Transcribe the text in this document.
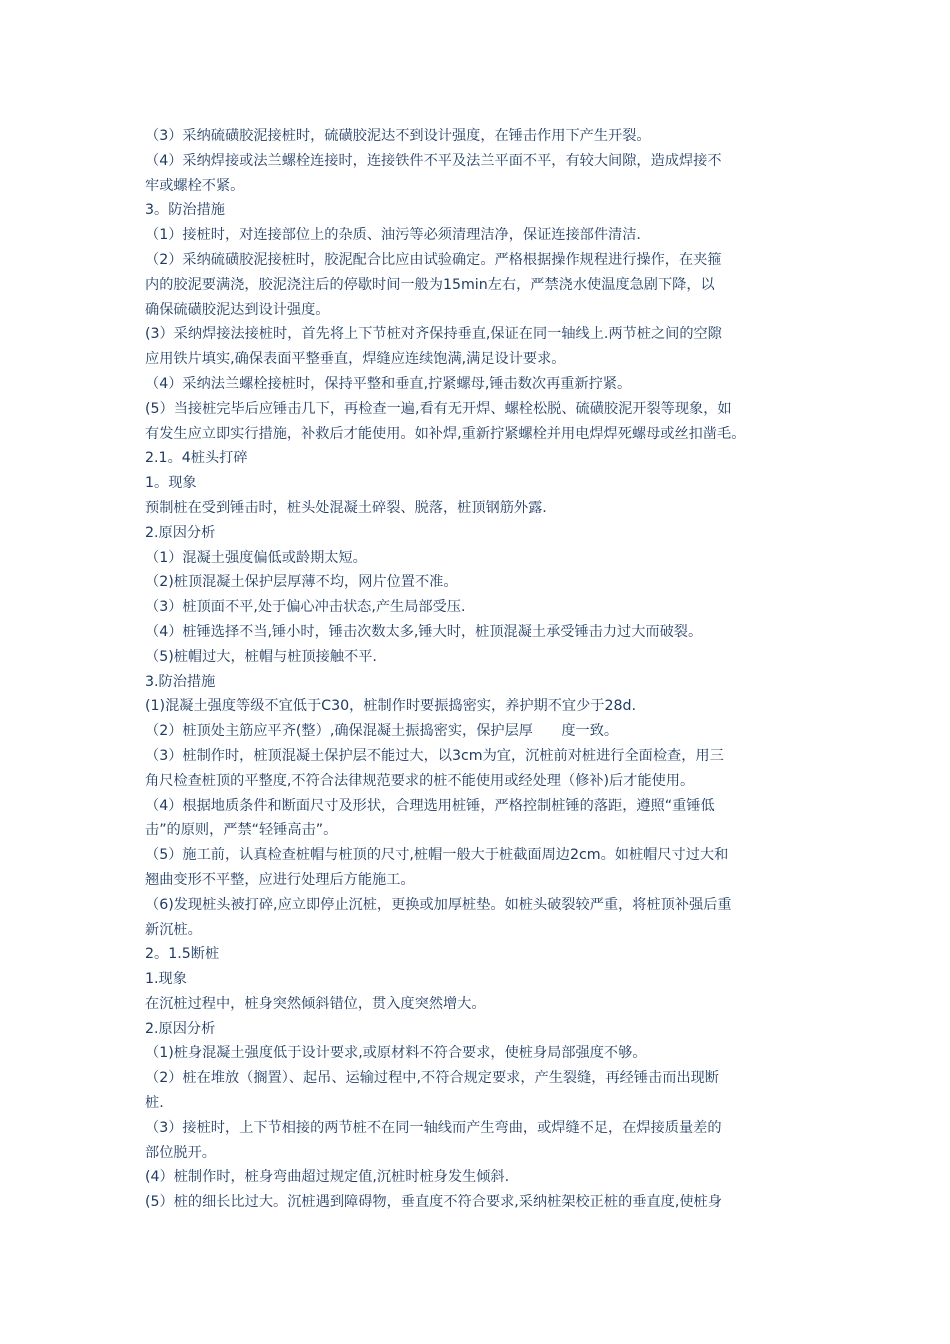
（3）采纳硫磺胶泥接桩时，硫磺胶泥达不到设计强度，在锤击作用下产生开裂。
（4）采纳焊接或法兰螺栓连接时，连接铁件不平及法兰平面不平，有较大间隙，造成焊接不
牢或螺栓不紧。
3。防治措施
（1）接桩时，对连接部位上的杂质、油污等必须清理洁净，保证连接部件清洁.
（2）采纳硫磺胶泥接桩时，胶泥配合比应由试验确定。严格根据操作规程进行操作，在夹箍
内的胶泥要满浇，胶泥浇注后的停歇时间一般为15min左右，严禁浇水使温度急剧下降，以
确保硫磺胶泥达到设计强度。
(3）采纳焊接法接桩时，首先将上下节桩对齐保持垂直,保证在同一轴线上.两节桩之间的空隙
应用铁片填实,确保表面平整垂直，焊缝应连续饱满,满足设计要求。
（4）采纳法兰螺栓接桩时，保持平整和垂直,拧紧螺母,锤击数次再重新拧紧。
(5）当接桩完毕后应锤击几下，再检查一遍,看有无开焊、螺栓松脱、硫磺胶泥开裂等现象，如
有发生应立即实行措施，补救后才能使用。如补焊,重新拧紧螺栓并用电焊焊死螺母或丝扣凿毛。
2.1。4桩头打碎
1。现象
预制桩在受到锤击时，桩头处混凝土碎裂、脱落，桩顶钢筋外露.
2.原因分析
（1）混凝土强度偏低或龄期太短。
（2)桩顶混凝土保护层厚薄不均，网片位置不准。
（3）桩顶面不平,处于偏心冲击状态,产生局部受压.
（4）桩锤选择不当,锤小时，锤击次数太多,锤大时，桩顶混凝土承受锤击力过大而破裂。
（5)桩帽过大，桩帽与桩顶接触不平.
3.防治措施
(1)混凝土强度等级不宜低于C30，桩制作时要振捣密实，养护期不宜少于28d.
（2）桩顶处主筋应平齐(整）,确保混凝土振捣密实，保护层厚　　度一致。
（3）桩制作时，桩顶混凝土保护层不能过大，以3cm为宜，沉桩前对桩进行全面检查，用三
角尺检查桩顶的平整度,不符合法律规范要求的桩不能使用或经处理（修补)后才能使用。
（4）根据地质条件和断面尺寸及形状，合理选用桩锤，严格控制桩锤的落距，遵照“重锤低
击”的原则，严禁“轻锤高击”。
（5）施工前，认真检查桩帽与桩顶的尺寸,桩帽一般大于桩截面周边2cm。如桩帽尺寸过大和
翘曲变形不平整，应进行处理后方能施工。
（6)发现桩头被打碎,应立即停止沉桩，更换或加厚桩垫。如桩头破裂较严重，将桩顶补强后重
新沉桩。
2。1.5断桩
1.现象
在沉桩过程中，桩身突然倾斜错位，贯入度突然增大。
2.原因分析
（1)桩身混凝土强度低于设计要求,或原材料不符合要求，使桩身局部强度不够。
（2）桩在堆放（搁置）、起吊、运输过程中,不符合规定要求，产生裂缝，再经锤击而出现断
桩.
（3）接桩时，上下节相接的两节桩不在同一轴线而产生弯曲，或焊缝不足，在焊接质量差的
部位脱开。
(4）桩制作时，桩身弯曲超过规定值,沉桩时桩身发生倾斜.
(5）桩的细长比过大。沉桩遇到障碍物，垂直度不符合要求,采纳桩架校正桩的垂直度,使桩身
